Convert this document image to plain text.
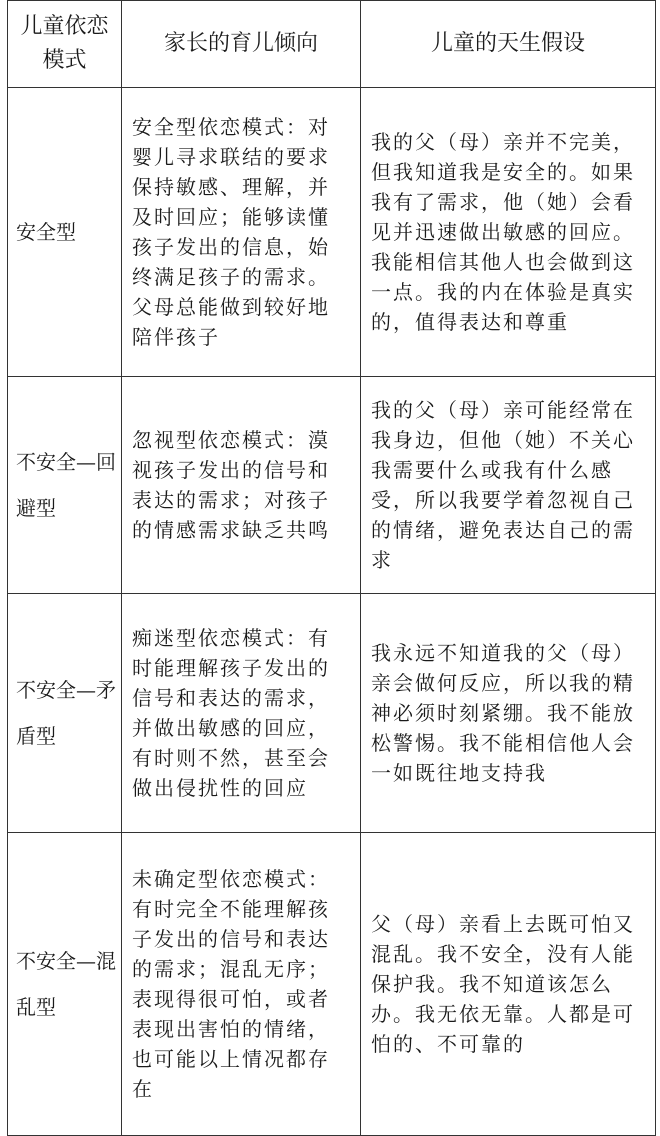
儿童依恋模式	家长的育儿倾向	儿童的天生假设
安全型	安全型依恋模式：对婴儿寻求联结的要求保持敏感、理解，并及时回应；能够读懂孩子发出的信息，始终满足孩子的需求。父母总能做到较好地陪伴孩子	我的父（母）亲并不完美，但我知道我是安全的。如果我有了需求，他（她）会看见并迅速做出敏感的回应。我能相信其他人也会做到这一点。我的内在体验是真实的，值得表达和尊重
不安全—回避型	忽视型依恋模式：漠视孩子发出的信号和表达的需求；对孩子的情感需求缺乏共鸣	我的父（母）亲可能经常在我身边，但他（她）不关心我需要什么或我有什么感受，所以我要学着忽视自己的情绪，避免表达自己的需求
不安全—矛盾型	痴迷型依恋模式：有时能理解孩子发出的信号和表达的需求，并做出敏感的回应，有时则不然，甚至会做出侵扰性的回应	我永远不知道我的父（母）亲会做何反应，所以我的精神必须时刻紧绷。我不能放松警惕。我不能相信他人会一如既往地支持我
不安全—混乱型	未确定型依恋模式：有时完全不能理解孩子发出的信号和表达的需求；混乱无序；表现得很可怕，或者表现出害怕的情绪，也可能以上情况都存在	父（母）亲看上去既可怕又混乱。我不安全，没有人能保护我。我不知道该怎么办。我无依无靠。人都是可怕的、不可靠的
